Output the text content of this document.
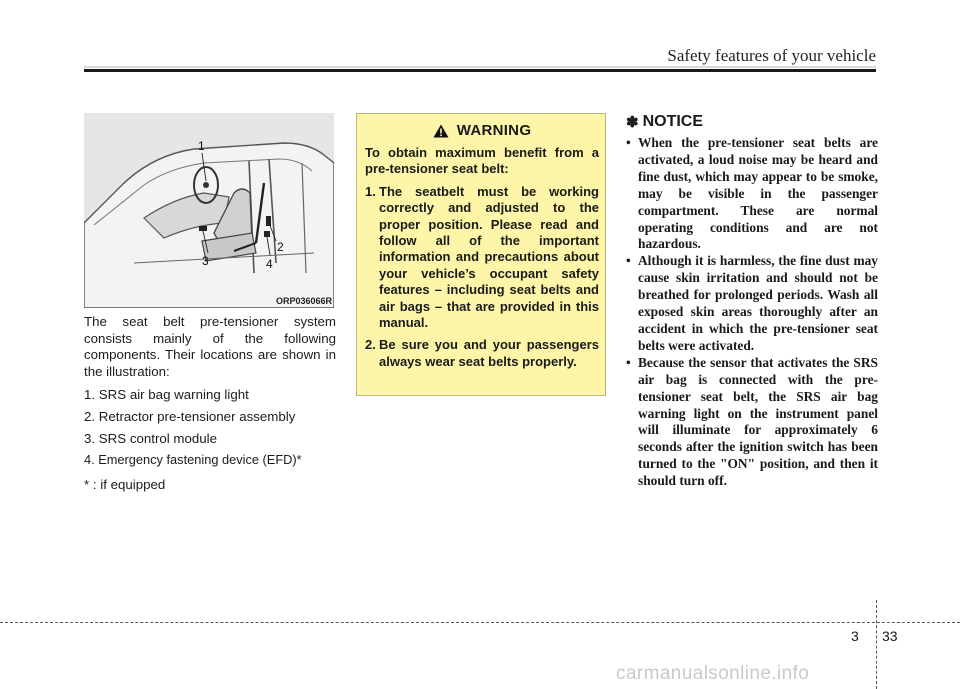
Safety features of your vehicle
1
2
3	4
ORP036066R

The seat belt pre-tensioner system consists mainly of the following components. Their locations are shown in the illustration:

1. SRS air bag warning light
2. Retractor pre-tensioner assembly
3. SRS control module
4. Emergency fastening device (EFD)*
* : if equipped
WARNING
To obtain maximum benefit from a pre-tensioner seat belt:
1. The seatbelt must be working correctly and adjusted to the proper position. Please read and follow all of the important information and precautions about your vehicle’s occupant safety features – including seat belts and air bags – that are provided in this manual.
2. Be sure you and your passengers always wear seat belts properly.
✽ NOTICE
• When the pre-tensioner seat belts are activated, a loud noise may be heard and fine dust, which may appear to be smoke, may be visible in the passenger compartment. These are normal operating conditions and are not hazardous.
• Although it is harmless, the fine dust may cause skin irritation and should not be breathed for prolonged periods. Wash all exposed skin areas thoroughly after an accident in which the pre-tensioner seat belts were activated.
• Because the sensor that activates the SRS air bag is connected with the pre-tensioner seat belt, the SRS air bag warning light on the instrument panel will illuminate for approximately 6 seconds after the ignition switch has been turned to the "ON" position, and then it should turn off.
3 33
carmanualsonline.info
